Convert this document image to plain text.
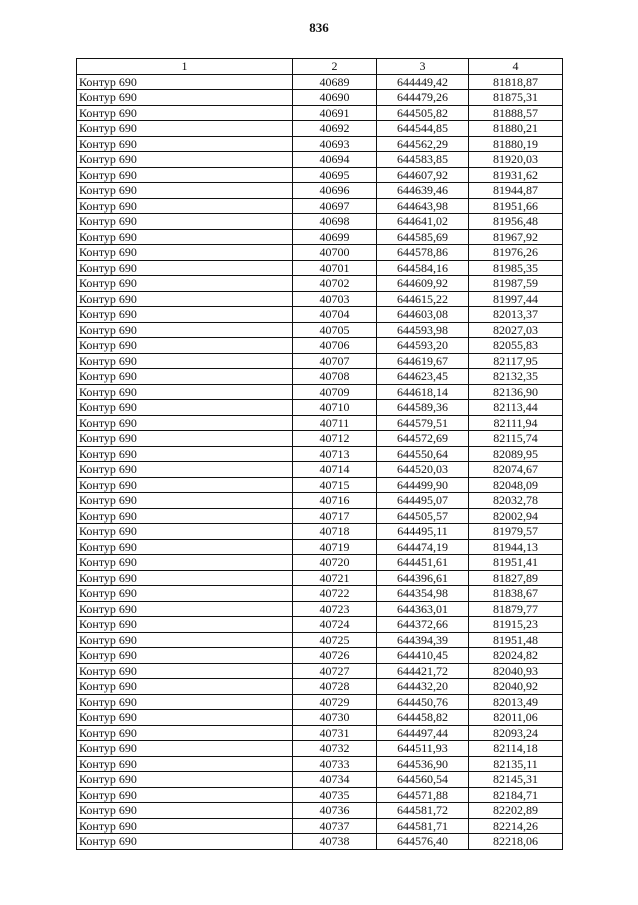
836
1	2	3	4
Контур 690	40689	644449,42	81818,87
Контур 690	40690	644479,26	81875,31
Контур 690	40691	644505,82	81888,57
Контур 690	40692	644544,85	81880,21
Контур 690	40693	644562,29	81880,19
Контур 690	40694	644583,85	81920,03
Контур 690	40695	644607,92	81931,62
Контур 690	40696	644639,46	81944,87
Контур 690	40697	644643,98	81951,66
Контур 690	40698	644641,02	81956,48
Контур 690	40699	644585,69	81967,92
Контур 690	40700	644578,86	81976,26
Контур 690	40701	644584,16	81985,35
Контур 690	40702	644609,92	81987,59
Контур 690	40703	644615,22	81997,44
Контур 690	40704	644603,08	82013,37
Контур 690	40705	644593,98	82027,03
Контур 690	40706	644593,20	82055,83
Контур 690	40707	644619,67	82117,95
Контур 690	40708	644623,45	82132,35
Контур 690	40709	644618,14	82136,90
Контур 690	40710	644589,36	82113,44
Контур 690	40711	644579,51	82111,94
Контур 690	40712	644572,69	82115,74
Контур 690	40713	644550,64	82089,95
Контур 690	40714	644520,03	82074,67
Контур 690	40715	644499,90	82048,09
Контур 690	40716	644495,07	82032,78
Контур 690	40717	644505,57	82002,94
Контур 690	40718	644495,11	81979,57
Контур 690	40719	644474,19	81944,13
Контур 690	40720	644451,61	81951,41
Контур 690	40721	644396,61	81827,89
Контур 690	40722	644354,98	81838,67
Контур 690	40723	644363,01	81879,77
Контур 690	40724	644372,66	81915,23
Контур 690	40725	644394,39	81951,48
Контур 690	40726	644410,45	82024,82
Контур 690	40727	644421,72	82040,93
Контур 690	40728	644432,20	82040,92
Контур 690	40729	644450,76	82013,49
Контур 690	40730	644458,82	82011,06
Контур 690	40731	644497,44	82093,24
Контур 690	40732	644511,93	82114,18
Контур 690	40733	644536,90	82135,11
Контур 690	40734	644560,54	82145,31
Контур 690	40735	644571,88	82184,71
Контур 690	40736	644581,72	82202,89
Контур 690	40737	644581,71	82214,26
Контур 690	40738	644576,40	82218,06
